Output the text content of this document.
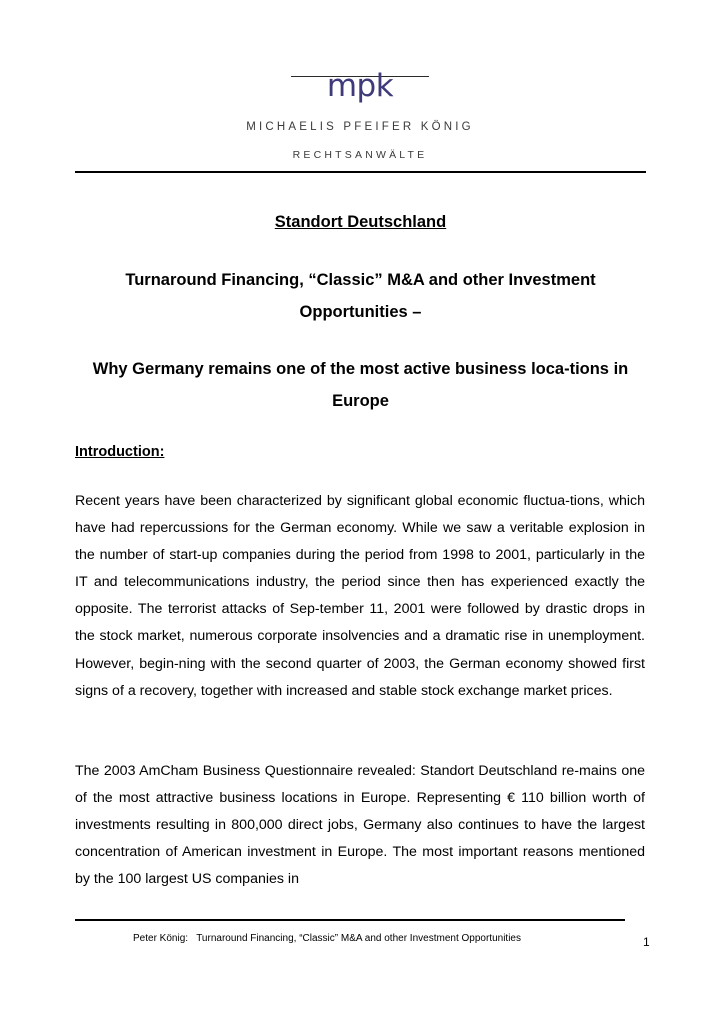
mpk
MICHAELIS PFEIFER KÖNIG
RECHTSANWÄLTE
Standort Deutschland
Turnaround Financing, “Classic” M&A and other Investment Opportunities –
Why Germany remains one of the most active business loca-tions in Europe
Introduction:

Recent years have been characterized by significant global economic fluctua-tions, which have had repercussions for the German economy. While we saw a veritable explosion in the number of start-up companies during the period from 1998 to 2001, particularly in the IT and telecommunications industry, the period since then has experienced exactly the opposite. The terrorist attacks of Sep-tember 11, 2001 were followed by drastic drops in the stock market, numerous corporate insolvencies and a dramatic rise in unemployment. However, begin-ning with the second quarter of 2003, the German economy showed first signs of a recovery, together with increased and stable stock exchange market prices.

The 2003 AmCham Business Questionnaire revealed: Standort Deutschland re-mains one of the most attractive business locations in Europe. Representing € 110 billion worth of investments resulting in 800,000 direct jobs, Germany also continues to have the largest concentration of American investment in Europe. The most important reasons mentioned by the 100 largest US companies in

Peter König:   Turnaround Financing, “Classic” M&A and other Investment Opportunities	1
